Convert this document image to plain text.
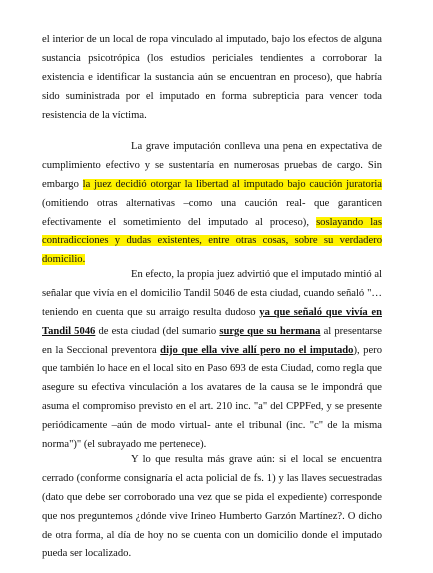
el interior de un local de ropa vinculado al imputado, bajo los efectos de alguna
sustancia psicotrópica (los estudios periciales tendientes a corroborar la
existencia e identificar la sustancia aún se encuentran en proceso), que habría
sido suministrada por el imputado en forma subrepticia para vencer toda
resistencia de la víctima.
La grave imputación conlleva una pena en expectativa de
cumplimiento efectivo y se sustentaría en numerosas pruebas de cargo. Sin
embargo la juez decidió otorgar la libertad al imputado bajo caución juratoria
(omitiendo otras alternativas –como una caución real- que garanticen
efectivamente el sometimiento del imputado al proceso), soslayando las
contradicciones y dudas existentes, entre otras cosas, sobre su verdadero
domicilio.
En efecto, la propia juez advirtió que el imputado mintió al
señalar que vivía en el domicilio Tandil 5046 de esta ciudad, cuando señaló "…
teniendo en cuenta que su arraigo resulta dudoso ya que señaló que vivía en
Tandil 5046 de esta ciudad (del sumario surge que su hermana al presentarse
en la Seccional preventora dijo que ella vive allí pero no el imputado), pero
que también lo hace en el local sito en Paso 693 de esta Ciudad, como regla que
asegure su efectiva vinculación a los avatares de la causa se le impondrá que
asuma el compromiso previsto en el art. 210 inc. "a" del CPPFed, y se presente
periódicamente –aún de modo virtual- ante el tribunal (inc. "c" de la misma
norma")" (el subrayado me pertenece).
Y lo que resulta más grave aún: si el local se encuentra
cerrado (conforme consignaría el acta policial de fs. 1) y las llaves secuestradas
(dato que debe ser corroborado una vez que se pida el expediente) corresponde
que nos preguntemos ¿dónde vive Irineo Humberto Garzón Martínez?. O dicho
de otra forma, al día de hoy no se cuenta con un domicilio donde el imputado
pueda ser localizado.
